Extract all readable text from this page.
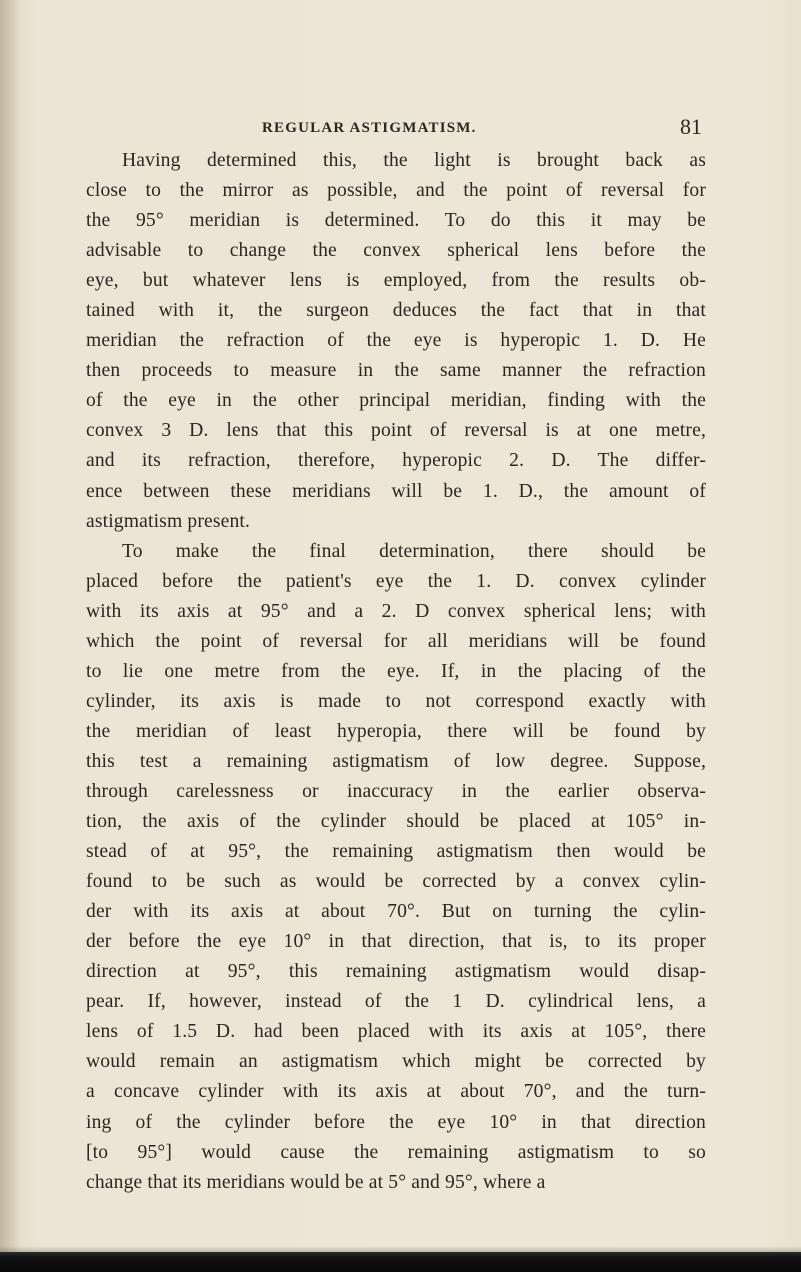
REGULAR ASTIGMATISM.	81
Having determined this, the light is brought back as
close to the mirror as possible, and the point of reversal for
the 95° meridian is determined. To do this it may be
advisable to change the convex spherical lens before the
eye, but whatever lens is employed, from the results ob-
tained with it, the surgeon deduces the fact that in that
meridian the refraction of the eye is hyperopic 1. D. He
then proceeds to measure in the same manner the refraction
of the eye in the other principal meridian, finding with the
convex 3 D. lens that this point of reversal is at one metre,
and its refraction, therefore, hyperopic 2. D. The differ-
ence between these meridians will be 1. D., the amount of
astigmatism present.
To make the final determination, there should be
placed before the patient's eye the 1. D. convex cylinder
with its axis at 95° and a 2. D convex spherical lens; with
which the point of reversal for all meridians will be found
to lie one metre from the eye. If, in the placing of the
cylinder, its axis is made to not correspond exactly with
the meridian of least hyperopia, there will be found by
this test a remaining astigmatism of low degree. Suppose,
through carelessness or inaccuracy in the earlier observa-
tion, the axis of the cylinder should be placed at 105° in-
stead of at 95°, the remaining astigmatism then would be
found to be such as would be corrected by a convex cylin-
der with its axis at about 70°. But on turning the cylin-
der before the eye 10° in that direction, that is, to its proper
direction at 95°, this remaining astigmatism would disap-
pear. If, however, instead of the 1 D. cylindrical lens, a
lens of 1.5 D. had been placed with its axis at 105°, there
would remain an astigmatism which might be corrected by
a concave cylinder with its axis at about 70°, and the turn-
ing of the cylinder before the eye 10° in that direction
[to 95°] would cause the remaining astigmatism to so
change that its meridians would be at 5° and 95°, where a
